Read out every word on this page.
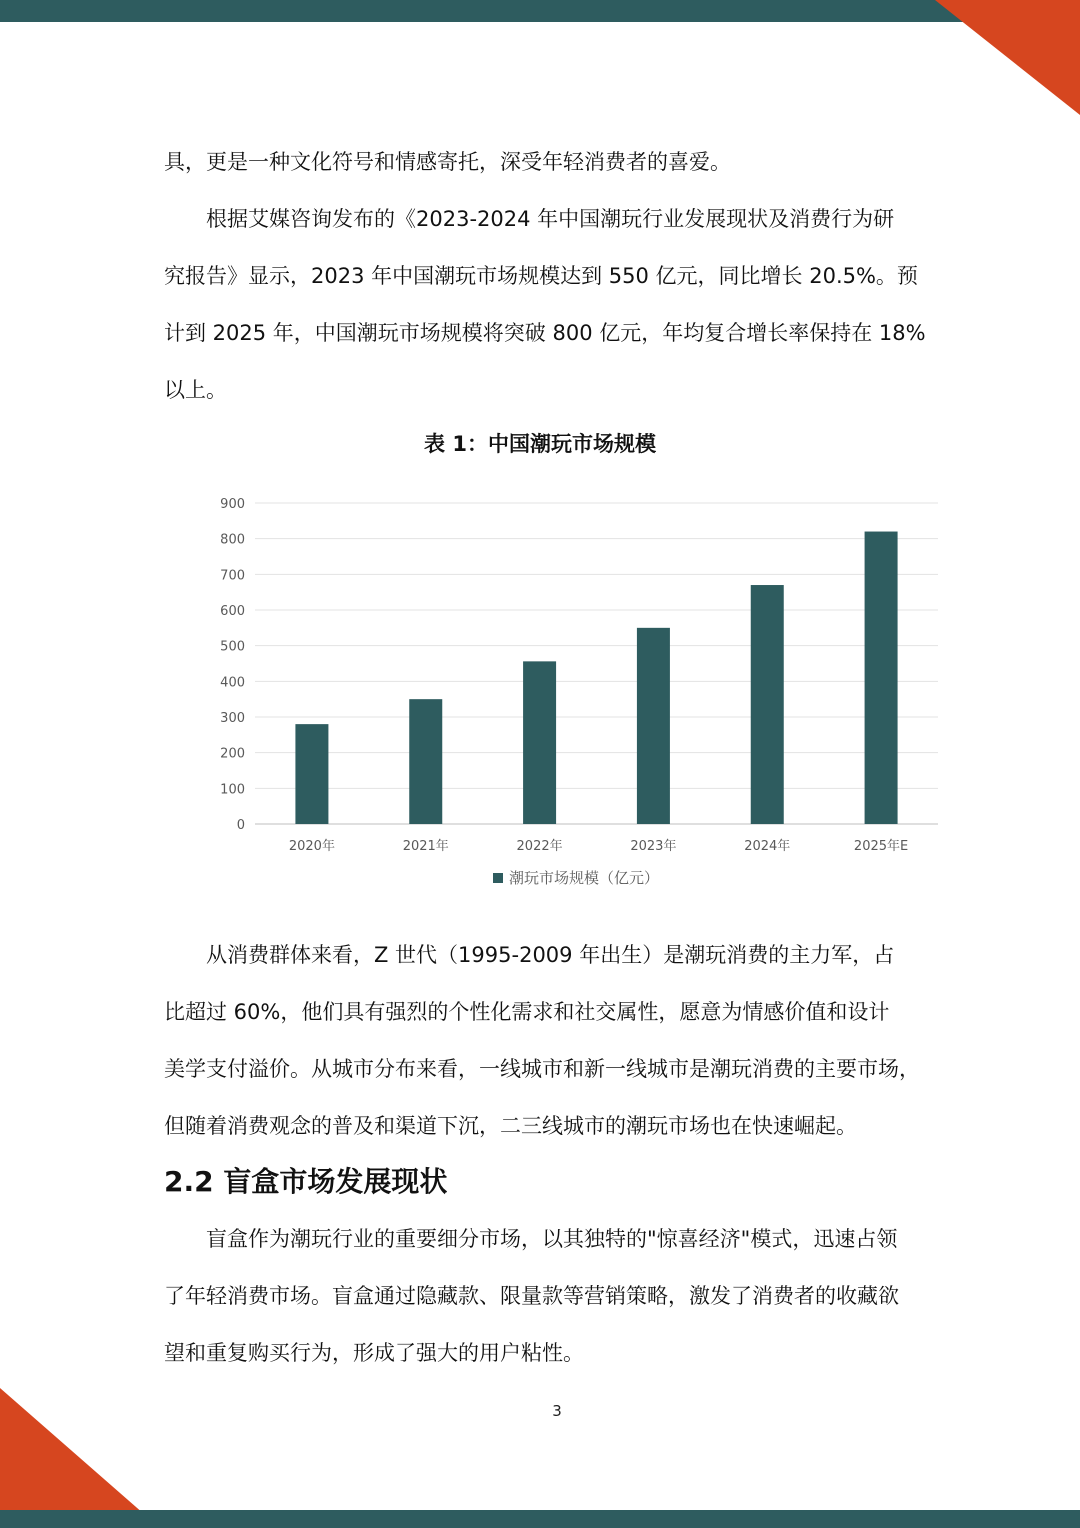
具，更是一种文化符号和情感寄托，深受年轻消费者的喜爱。
根据艾媒咨询发布的《2023-2024 年中国潮玩行业发展现状及消费行为研
究报告》显示，2023 年中国潮玩市场规模达到 550 亿元，同比增长 20.5%。预
计到 2025 年，中国潮玩市场规模将突破 800 亿元，年均复合增长率保持在 18%
以上。
表 1：中国潮玩市场规模
0
100
200
300
400
500
600
700
800
900
2020年	2021年	2022年	2023年	2024年	2025年E
潮玩市场规模（亿元）
从消费群体来看，Z 世代（1995-2009 年出生）是潮玩消费的主力军，占
比超过 60%，他们具有强烈的个性化需求和社交属性，愿意为情感价值和设计
美学支付溢价。从城市分布来看，一线城市和新一线城市是潮玩消费的主要市场，
但随着消费观念的普及和渠道下沉，二三线城市的潮玩市场也在快速崛起。
2.2 盲盒市场发展现状
盲盒作为潮玩行业的重要细分市场，以其独特的"惊喜经济"模式，迅速占领
了年轻消费市场。盲盒通过隐藏款、限量款等营销策略，激发了消费者的收藏欲
望和重复购买行为，形成了强大的用户粘性。
3
